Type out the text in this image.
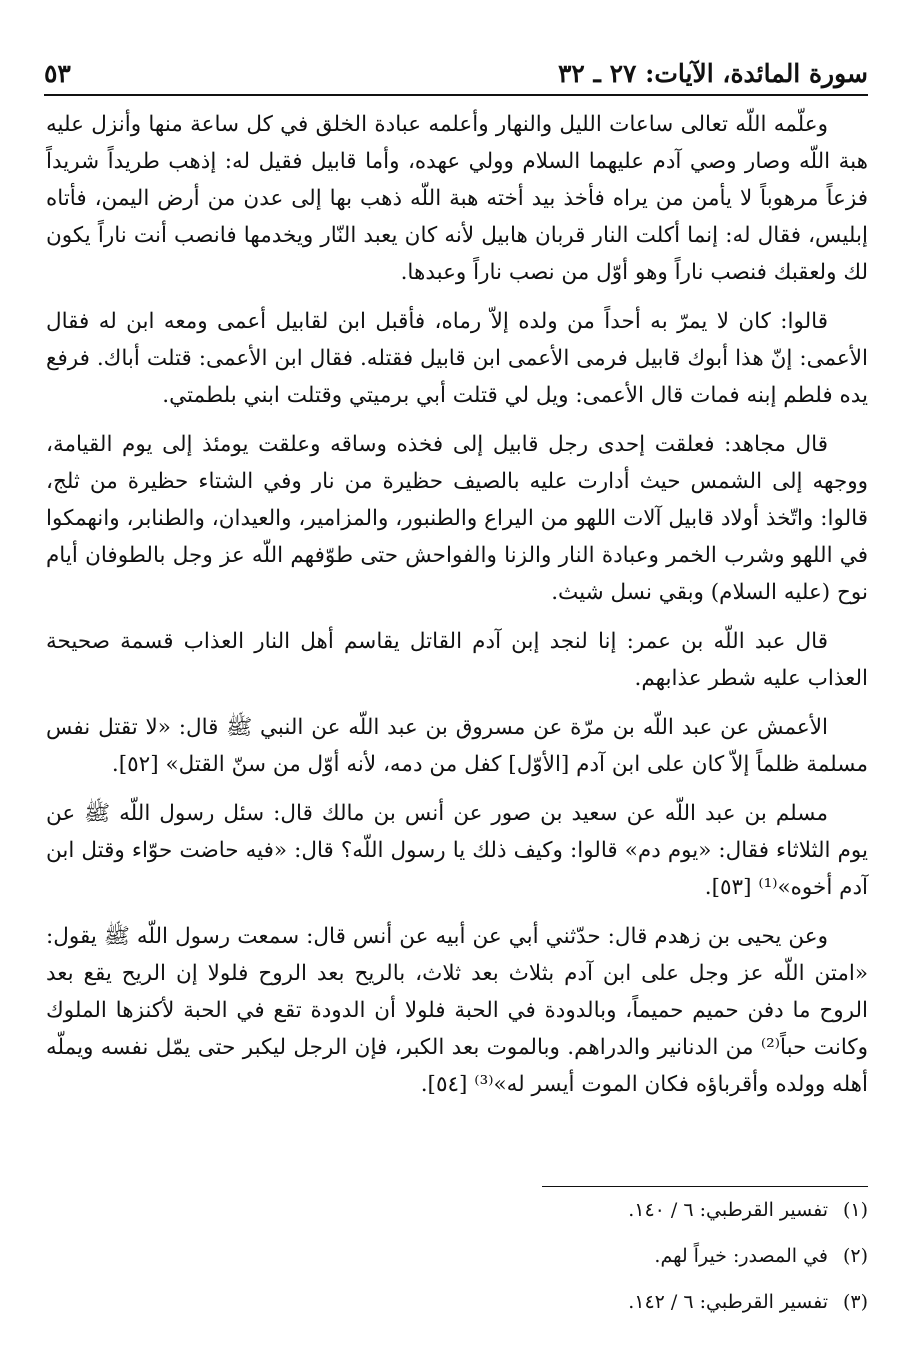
سورة المائدة، الآيات: ٢٧ ـ ٣٢
٥٣

وعلّمه اللّه تعالى ساعات الليل والنهار وأعلمه عبادة الخلق في كل ساعة منها وأنزل عليه هبة اللّه وصار وصي آدم عليهما السلام وولي عهده، وأما قابيل فقيل له: إذهب طريداً شريداً فزعاً مرهوباً لا يأمن من يراه فأخذ بيد أخته هبة اللّه ذهب بها إلى عدن من أرض اليمن، فأتاه إبليس، فقال له: إنما أكلت النار قربان هابيل لأنه كان يعبد النّار ويخدمها فانصب أنت ناراً يكون لك ولعقبك فنصب ناراً وهو أوّل من نصب ناراً وعبدها.

قالوا: كان لا يمرّ به أحداً من ولده إلاّ رماه، فأقبل ابن لقابيل أعمى ومعه ابن له فقال الأعمى: إنّ هذا أبوك قابيل فرمى الأعمى ابن قابيل فقتله. فقال ابن الأعمى: قتلت أباك. فرفع يده فلطم إبنه فمات قال الأعمى: ويل لي قتلت أبي برميتي وقتلت ابني بلطمتي.

قال مجاهد: فعلقت إحدى رجل قابيل إلى فخذه وساقه وعلقت يومئذ إلى يوم القيامة، ووجهه إلى الشمس حيث أدارت عليه بالصيف حظيرة من نار وفي الشتاء حظيرة من ثلج، قالوا: واتّخذ أولاد قابيل آلات اللهو من اليراع والطنبور، والمزامير، والعيدان، والطنابر، وانهمكوا في اللهو وشرب الخمر وعبادة النار والزنا والفواحش حتى طوّفهم اللّه عز وجل بالطوفان أيام نوح (عليه السلام) وبقي نسل شيث.

قال عبد اللّه بن عمر: إنا لنجد إبن آدم القاتل يقاسم أهل النار العذاب قسمة صحيحة العذاب عليه شطر عذابهم.

الأعمش عن عبد اللّه بن مرّة عن مسروق بن عبد اللّه عن النبي ﷺ قال: «لا تقتل نفس مسلمة ظلماً إلاّ كان على ابن آدم [الأوّل] كفل من دمه، لأنه أوّل من سنّ القتل» [٥٢].

مسلم بن عبد اللّه عن سعيد بن صور عن أنس بن مالك قال: سئل رسول اللّه ﷺ عن يوم الثلاثاء فقال: «يوم دم» قالوا: وكيف ذلك يا رسول اللّه؟ قال: «فيه حاضت حوّاء وقتل ابن آدم أخوه»⁽¹⁾ [٥٣].

وعن يحيى بن زهدم قال: حدّثني أبي عن أبيه عن أنس قال: سمعت رسول اللّه ﷺ يقول: «امتن اللّه عز وجل على ابن آدم بثلاث بعد ثلاث، بالريح بعد الروح فلولا إن الريح يقع بعد الروح ما دفن حميم حميماً، وبالدودة في الحبة فلولا أن الدودة تقع في الحبة لأكنزها الملوك وكانت حباً⁽²⁾ من الدنانير والدراهم. وبالموت بعد الكبر، فإن الرجل ليكبر حتى يمّل نفسه ويملّه أهله وولده وأقرباؤه فكان الموت أيسر له»⁽³⁾ [٥٤].

(١)
تفسير القرطبي: ٦ / ١٤٠.
(٢)
في المصدر: خيراً لهم.
(٣)
تفسير القرطبي: ٦ / ١٤٢.
